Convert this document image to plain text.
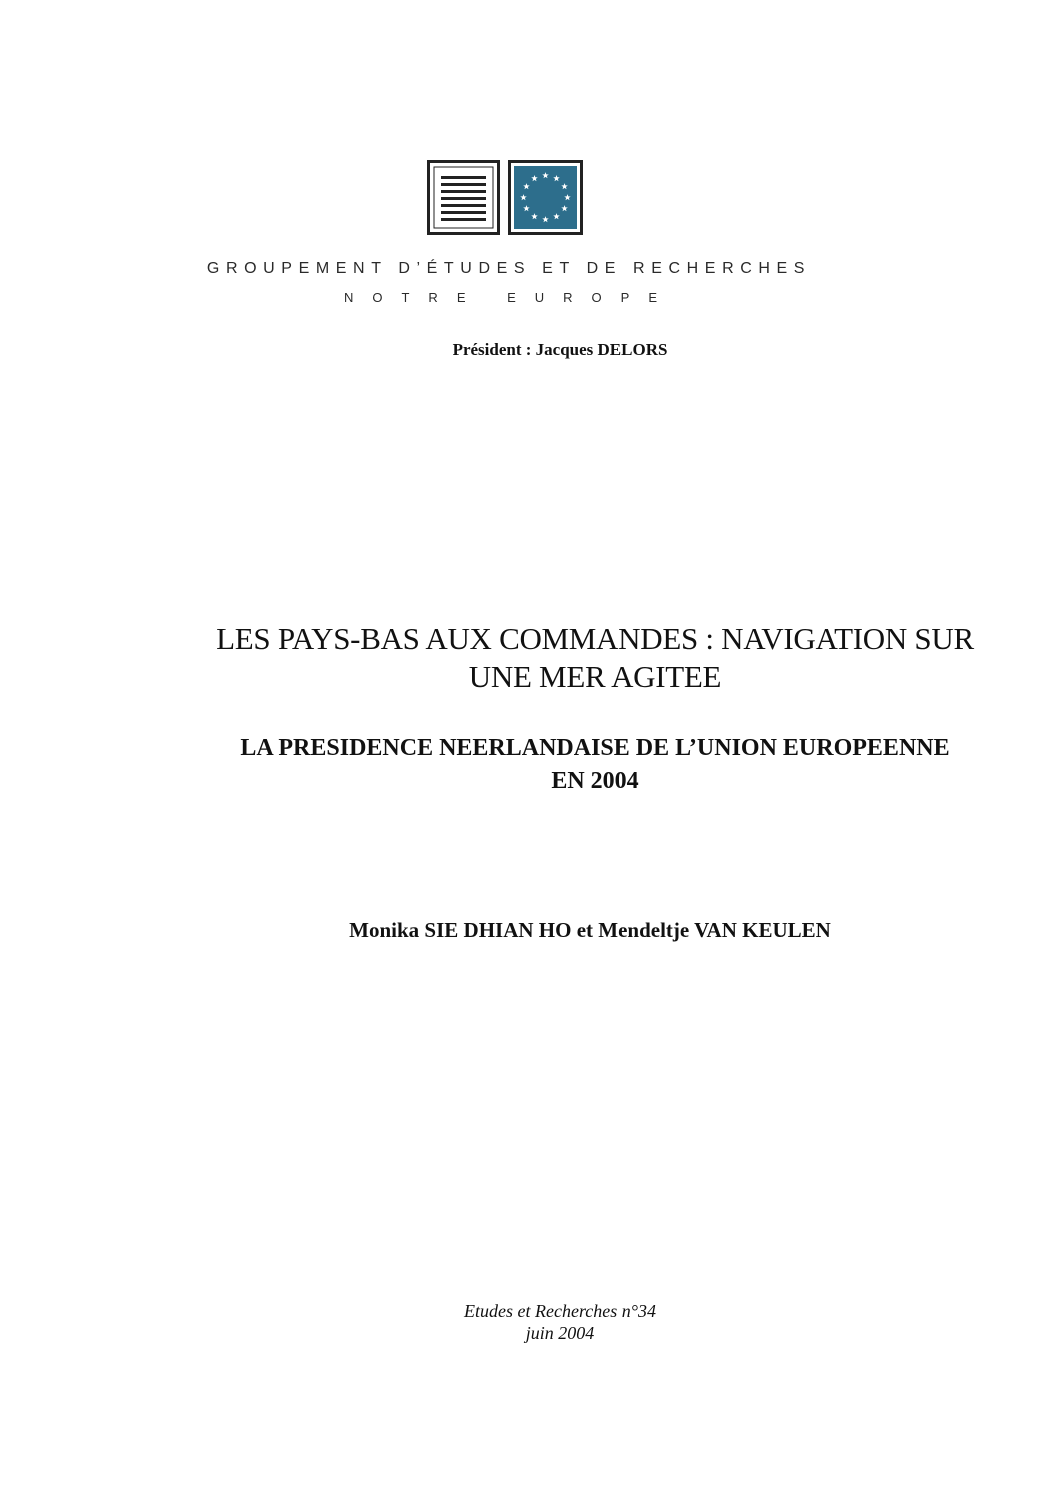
GROUPEMENT D’ÉTUDES ET DE RECHERCHES
NOTRE EUROPE
Président : Jacques DELORS
LES PAYS-BAS AUX COMMANDES : NAVIGATION SUR
UNE MER AGITEE
LA PRESIDENCE NEERLANDAISE DE L’UNION EUROPEENNE
EN 2004
Monika SIE DHIAN HO et Mendeltje VAN KEULEN
Etudes et Recherches n°34
juin 2004
